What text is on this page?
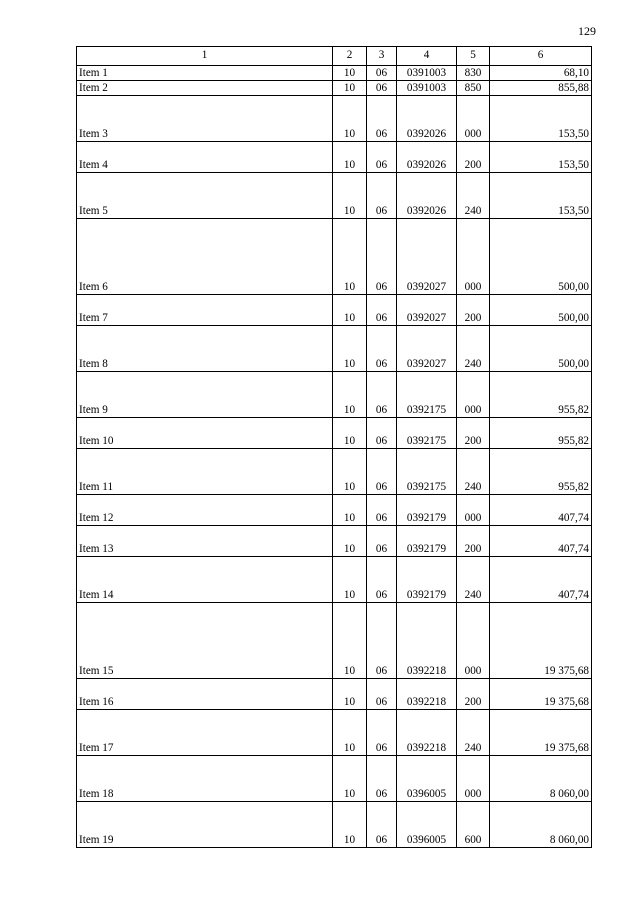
129
1	2	3	4	5	6
Item 1	10	06	0391003	830	68,10
Item 2	10	06	0391003	850	855,88
Item 3	10	06	0392026	000	153,50
Item 4	10	06	0392026	200	153,50
Item 5	10	06	0392026	240	153,50
Item 6	10	06	0392027	000	500,00
Item 7	10	06	0392027	200	500,00
Item 8	10	06	0392027	240	500,00
Item 9	10	06	0392175	000	955,82
Item 10	10	06	0392175	200	955,82
Item 11	10	06	0392175	240	955,82
Item 12	10	06	0392179	000	407,74
Item 13	10	06	0392179	200	407,74
Item 14	10	06	0392179	240	407,74
Item 15	10	06	0392218	000	19 375,68
Item 16	10	06	0392218	200	19 375,68
Item 17	10	06	0392218	240	19 375,68
Item 18	10	06	0396005	000	8 060,00
Item 19	10	06	0396005	600	8 060,00
